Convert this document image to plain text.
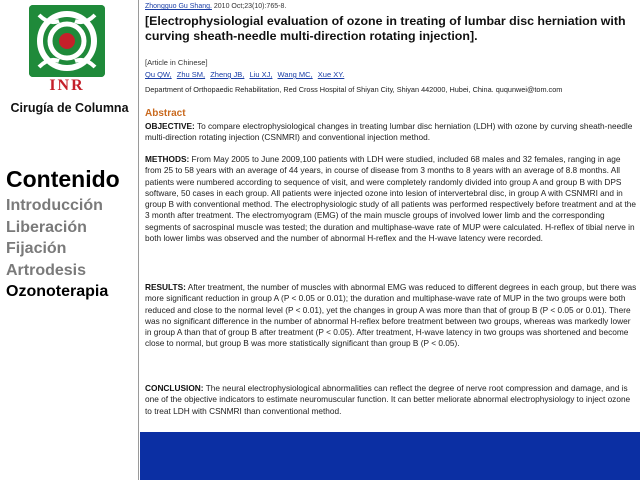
INR
Cirugía de Columna
Contenido
Introducción
Liberación
Fijación
Artrodesis
Ozonoterapia
Zhongguo Gu Shang. 2010 Oct;23(10):765-8.
[Electrophysiologial evaluation of ozone in treating of lumbar disc herniation with curving sheath-needle multi-direction rotating injection].
[Article in Chinese]
Qu QW, Zhu SM, Zheng JB, Liu XJ, Wang MC, Xue XY.
Department of Orthopaedic Rehabilitation, Red Cross Hospital of Shiyan City, Shiyan 442000, Hubei, China. ququnwei@tom.com
Abstract
OBJECTIVE: To compare electrophysiological changes in treating lumbar disc herniation (LDH) with ozone by curving sheath-needle multi-direction rotating injection (CSNMRI) and conventional injection method.
METHODS: From May 2005 to June 2009,100 patients with LDH were studied, included 68 males and 32 females, ranging in age from 25 to 58 years with an average of 44 years, in course of disease from 3 months to 8 years with an average of 8.8 months. All patients were numbered according to sequence of visit, and were completely randomly divided into group A and group B with DPS software, 50 cases in each group. All patients were injected ozone into lesion of intervertebral disc, in group A with CSNMRI and in group B with conventional method. The electrophysiologic study of all patients was performed respectively before treatment and at the 3 month after treatment. The electromyogram (EMG) of the main muscle groups of involved lower limb and the corresponding segments of sacrospinal muscle was tested; the duration and multiphase-wave rate of MUP were calculated. H-reflex of tibial nerve in both lower limbs was observed and the number of abnormal H-reflex and the H-wave latency were recorded.
RESULTS: After treatment, the number of muscles with abnormal EMG was reduced to different degrees in each group, but there was more significant reduction in group A (P < 0.05 or 0.01); the duration and multiphase-wave rate of MUP in the two groups were both reduced and close to the normal level (P < 0.01), yet the changes in group A was more than that of group B (P < 0.05 or 0.01). There was no significant difference in the number of abnormal H-reflex before treatment between two groups, whereas was markedly lower in group A than that of group B after treatment (P < 0.05). After treatment, H-wave latency in two groups was shortened and become close to normal, but group B was more statistically significant than group B (P < 0.05).
CONCLUSION: The neural electrophysiological abnormalities can reflect the degree of nerve root compression and damage, and is one of the objective indicators to estimate neuromuscular function. It can better meliorate abnormal electrophysiology to inject ozone to treat LDH with CSNMRI than conventional method.
